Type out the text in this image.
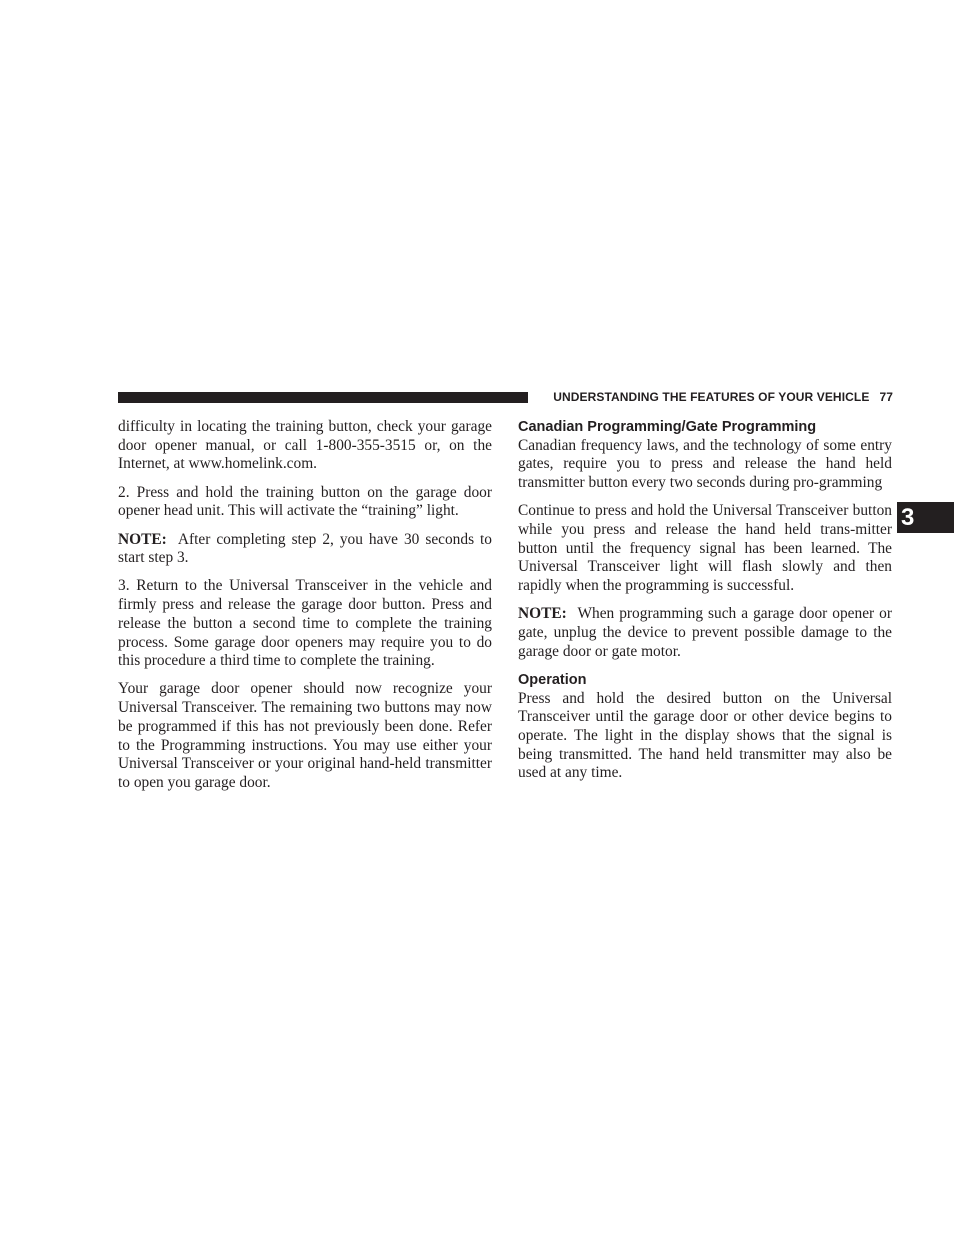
UNDERSTANDING THE FEATURES OF YOUR VEHICLE 77
3

difficulty in locating the training button, check your garage door opener manual, or call 1-800-355-3515 or, on the Internet, at www.homelink.com.

2. Press and hold the training button on the garage door opener head unit. This will activate the “training” light.

NOTE: After completing step 2, you have 30 seconds to start step 3.

3. Return to the Universal Transceiver in the vehicle and firmly press and release the garage door button. Press and release the button a second time to complete the training process. Some garage door openers may require you to do this procedure a third time to complete the training.

Your garage door opener should now recognize your Universal Transceiver. The remaining two buttons may now be programmed if this has not previously been done. Refer to the Programming instructions. You may use either your Universal Transceiver or your original hand-held transmitter to open you garage door.

Canadian Programming/Gate Programming

Canadian frequency laws, and the technology of some entry gates, require you to press and release the hand held transmitter button every two seconds during pro-gramming

Continue to press and hold the Universal Transceiver button while you press and release the hand held trans-mitter button until the frequency signal has been learned. The Universal Transceiver light will flash slowly and then rapidly when the programming is successful.

NOTE: When programming such a garage door opener or gate, unplug the device to prevent possible damage to the garage door or gate motor.

Operation

Press and hold the desired button on the Universal Transceiver until the garage door or other device begins to operate. The light in the display shows that the signal is being transmitted. The hand held transmitter may also be used at any time.
